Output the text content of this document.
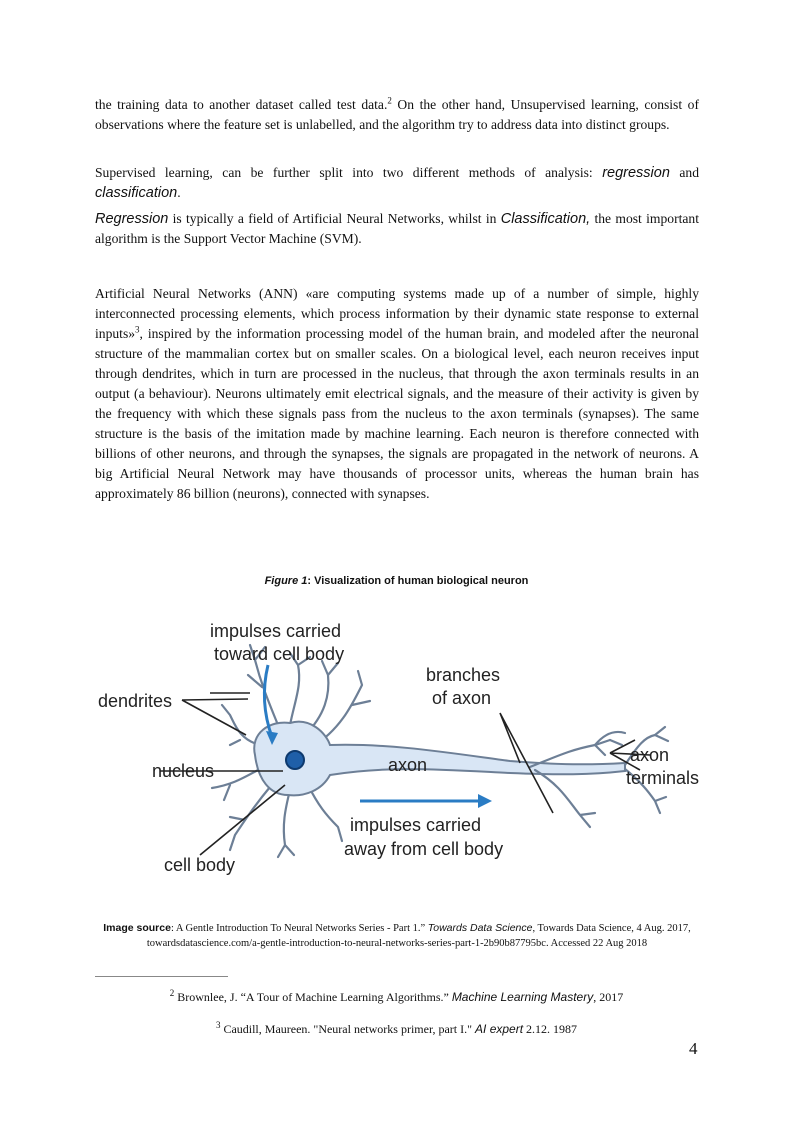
the training data to another dataset called test data.$^2$ On the other hand, Unsupervised learning, consist of observations where the feature set is unlabelled, and the algorithm try to address data into distinct groups.

Supervised learning, can be further split into two different methods of analysis: regression and classification.

Regression is typically a field of Artificial Neural Networks, whilst in Classification, the most important algorithm is the Support Vector Machine (SVM).

Artificial Neural Networks (ANN) «are computing systems made up of a number of simple, highly interconnected processing elements, which process information by their dynamic state response to external inputs»$^3$, inspired by the information processing model of the human brain, and modeled after the neuronal structure of the mammalian cortex but on smaller scales. On a biological level, each neuron receives input through dendrites, which in turn are processed in the nucleus, that through the axon terminals results in an output (a behaviour). Neurons ultimately emit electrical signals, and the measure of their activity is given by the frequency with which these signals pass from the nucleus to the axon terminals (synapses). The same structure is the basis of the imitation made by machine learning. Each neuron is therefore connected with billions of other neurons, and through the synapses, the signals are propagated in the network of neurons. A big Artificial Neural Network may have thousands of processor units, whereas the human brain has approximately 86 billion (neurons), connected with synapses.

Figure 1: Visualization of human biological neuron
impulses carried
toward cell body
dendrites
branches
of axon
nucleus	axon	axon
terminals
impulses carried
away from cell body
cell body
Image source: A Gentle Introduction To Neural Networks Series - Part 1.” Towards Data Science, Towards Data Science, 4 Aug. 2017, towardsdatascience.com/a-gentle-introduction-to-neural-networks-series-part-1-2b90b87795bc. Accessed 22 Aug 2018
$^2$ Brownlee, J. “A Tour of Machine Learning Algorithms.” Machine Learning Mastery, 2017
$^3$ Caudill, Maureen. "Neural networks primer, part I." AI expert 2.12. 1987
4
